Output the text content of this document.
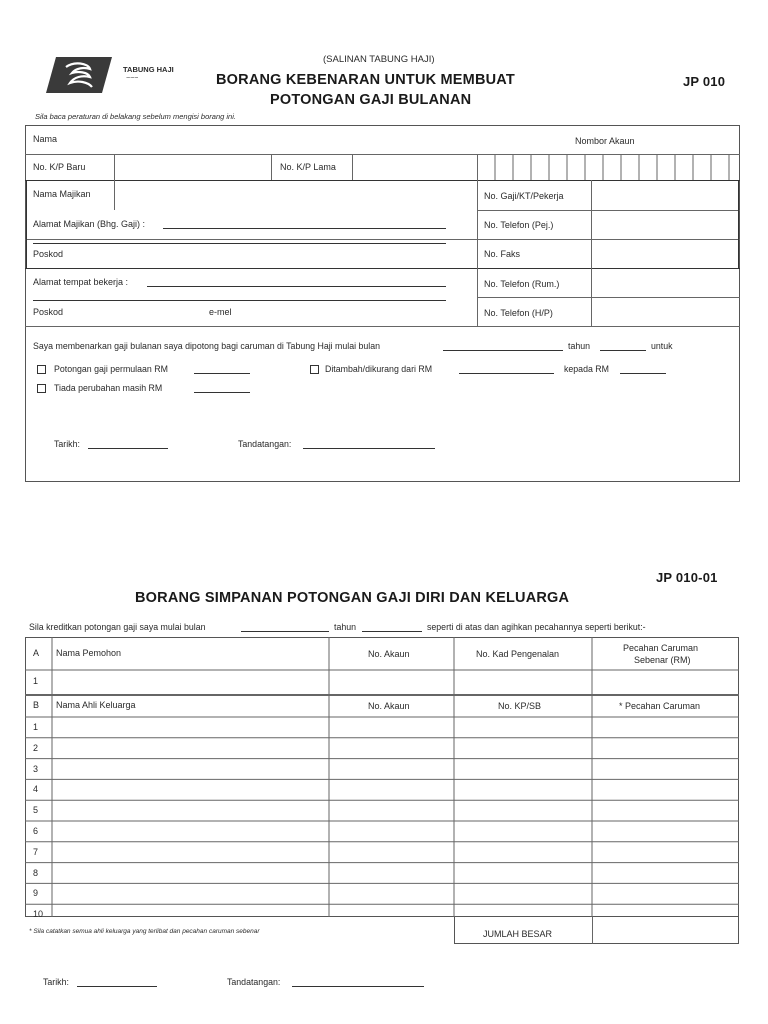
TABUNG HAJI
~~~
(SALINAN TABUNG HAJI)
BORANG KEBENARAN UNTUK MEMBUAT
POTONGAN GAJI BULANAN
JP 010
Sila baca peraturan di belakang sebelum mengisi borang ini.
Nama	Nombor Akaun
No. K/P Baru	No. K/P Lama
Nama Majikan	No. Gaji/KT/Pekerja
Alamat Majikan (Bhg. Gaji) :	No. Telefon (Pej.)
Poskod	No. Faks
Alamat tempat bekerja :	No. Telefon (Rum.)
Poskod	e-mel	No. Telefon (H/P)
Saya membenarkan gaji bulanan saya dipotong bagi caruman di Tabung Haji mulai bulan	tahun	untuk
Potongan gaji permulaan RM	Ditambah/dikurang dari RM	kepada RM
Tiada perubahan masih RM
Tarikh:	Tandatangan:
JP 010-01
BORANG SIMPANAN POTONGAN GAJI DIRI DAN KELUARGA
Sila kreditkan potongan gaji saya mulai bulan	tahun	seperti di atas dan agihkan pecahannya seperti berikut:-
A Nama Pemohon	No. Akaun	No. Kad Pengenalan
Pecahan Caruman
Sebenar (RM)
1
B Nama Ahli Keluarga	No. Akaun	No. KP/SB	* Pecahan Caruman
1
2
3
4
5
6
7
8
9
10
* Sila catatkan semua ahli keluarga yang terlibat dan pecahan caruman sebenar	JUMLAH BESAR
Tarikh:	Tandatangan:
